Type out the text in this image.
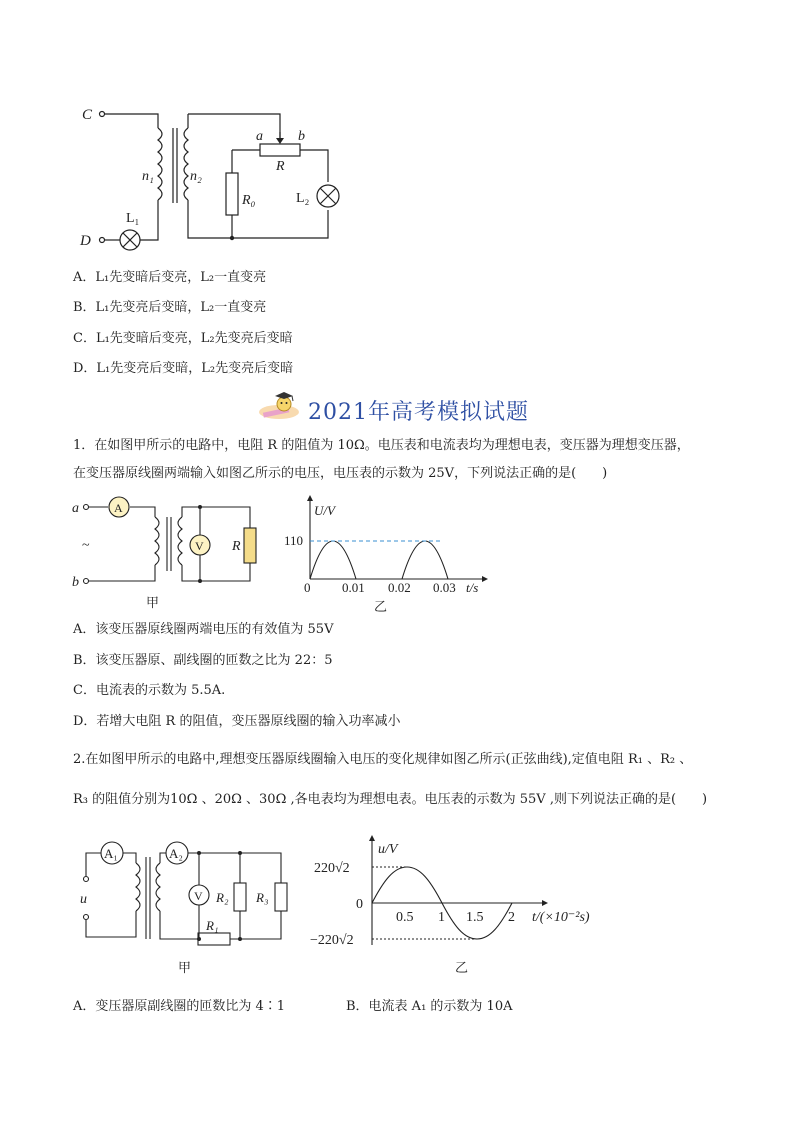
C
D
a	b
R
n₁	n₂
R₀
L₁
L₂
A．L₁先变暗后变亮，L₂一直变亮
B．L₁先变亮后变暗，L₂一直变亮
C．L₁先变暗后变亮，L₂先变亮后变暗
D．L₁先变亮后变暗，L₂先变亮后变暗
2021年高考模拟试题
1．在如图甲所示的电路中，电阻 R 的阻值为 10Ω。电压表和电流表均为理想电表，变压器为理想变压器，
在变压器原线圈两端输入如图乙所示的电压，电压表的示数为 25V，下列说法正确的是(　　)
a
b
~
A
V R
甲
U/V
110
0 0.01 0.02 0.03 t/s
乙
A．该变压器原线圈两端电压的有效值为 55V
B．该变压器原、副线圈的匝数之比为 22：5
C．电流表的示数为 5.5A.
D．若增大电阻 R 的阻值，变压器原线圈的输入功率减小
2.在如图甲所示的电路中,理想变压器原线圈输入电压的变化规律如图乙所示(正弦曲线),定值电阻 R₁ 、R₂ 、
R₃ 的阻值分别为10Ω 、20Ω 、30Ω ,各电表均为理想电表。电压表的示数为 55V ,则下列说法正确的是(　　)
A₁	A₂
V
u
R₁
R₂ R₃
甲
u/V
220√2
0
−220√2
0.5 1 1.5 2 t/(×10⁻²s)
乙
A．变压器原副线圈的匝数比为 4∶1	B．电流表 A₁ 的示数为 10A
